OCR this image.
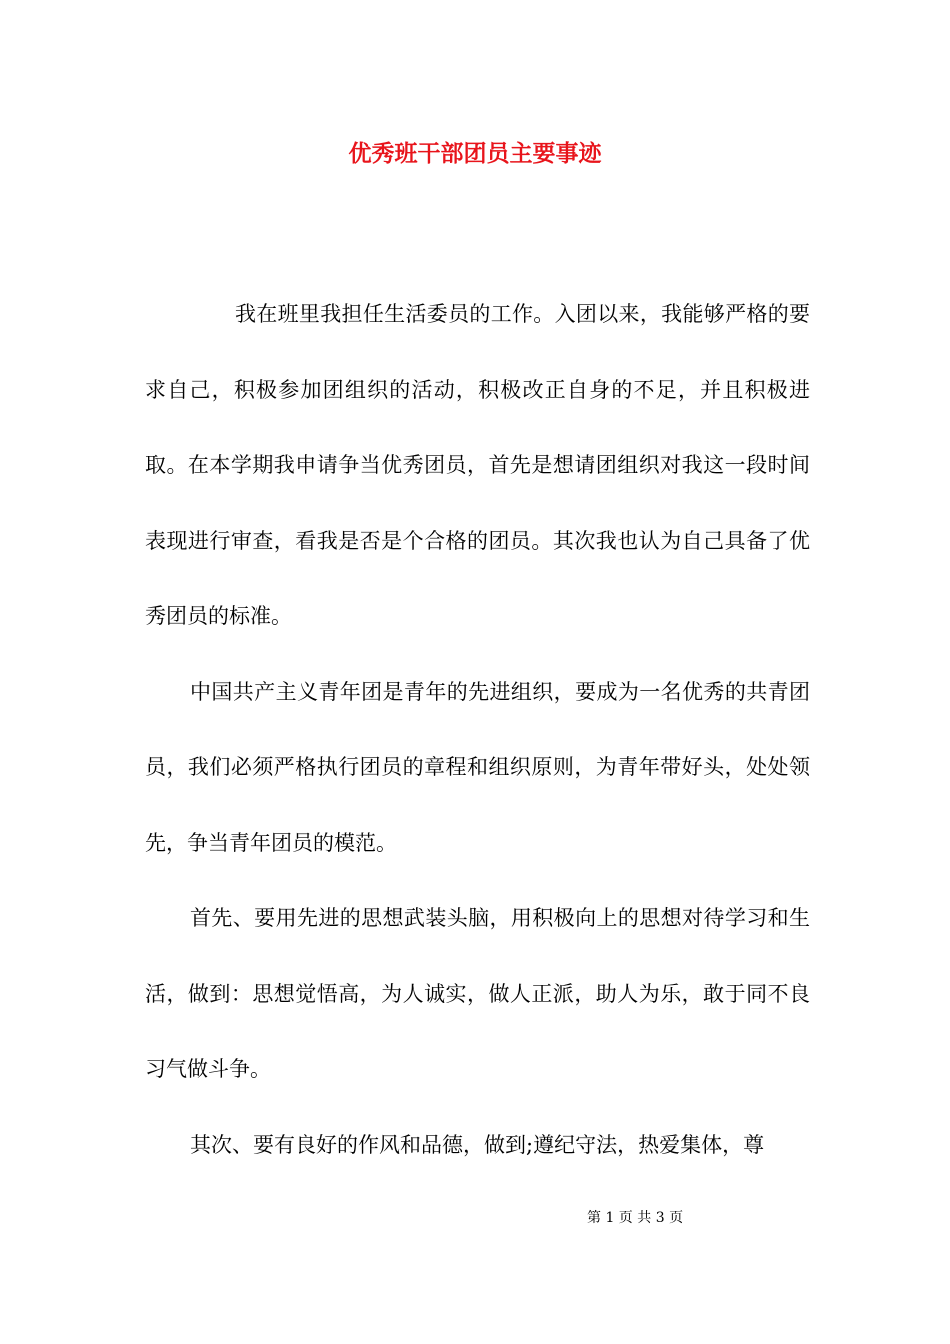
优秀班干部团员主要事迹

我在班里我担任生活委员的工作。入团以来，我能够严格的要求自己，积极参加团组织的活动，积极改正自身的不足，并且积极进取。在本学期我申请争当优秀团员，首先是想请团组织对我这一段时间表现进行审查，看我是否是个合格的团员。其次我也认为自己具备了优秀团员的标准。

中国共产主义青年团是青年的先进组织，要成为一名优秀的共青团员，我们必须严格执行团员的章程和组织原则，为青年带好头，处处领先，争当青年团员的模范。

首先、要用先进的思想武装头脑，用积极向上的思想对待学习和生活，做到：思想觉悟高，为人诚实，做人正派，助人为乐，敢于同不良习气做斗争。

其次、要有良好的作风和品德，做到;遵纪守法，热爱集体，尊

第 1 页 共 3 页
